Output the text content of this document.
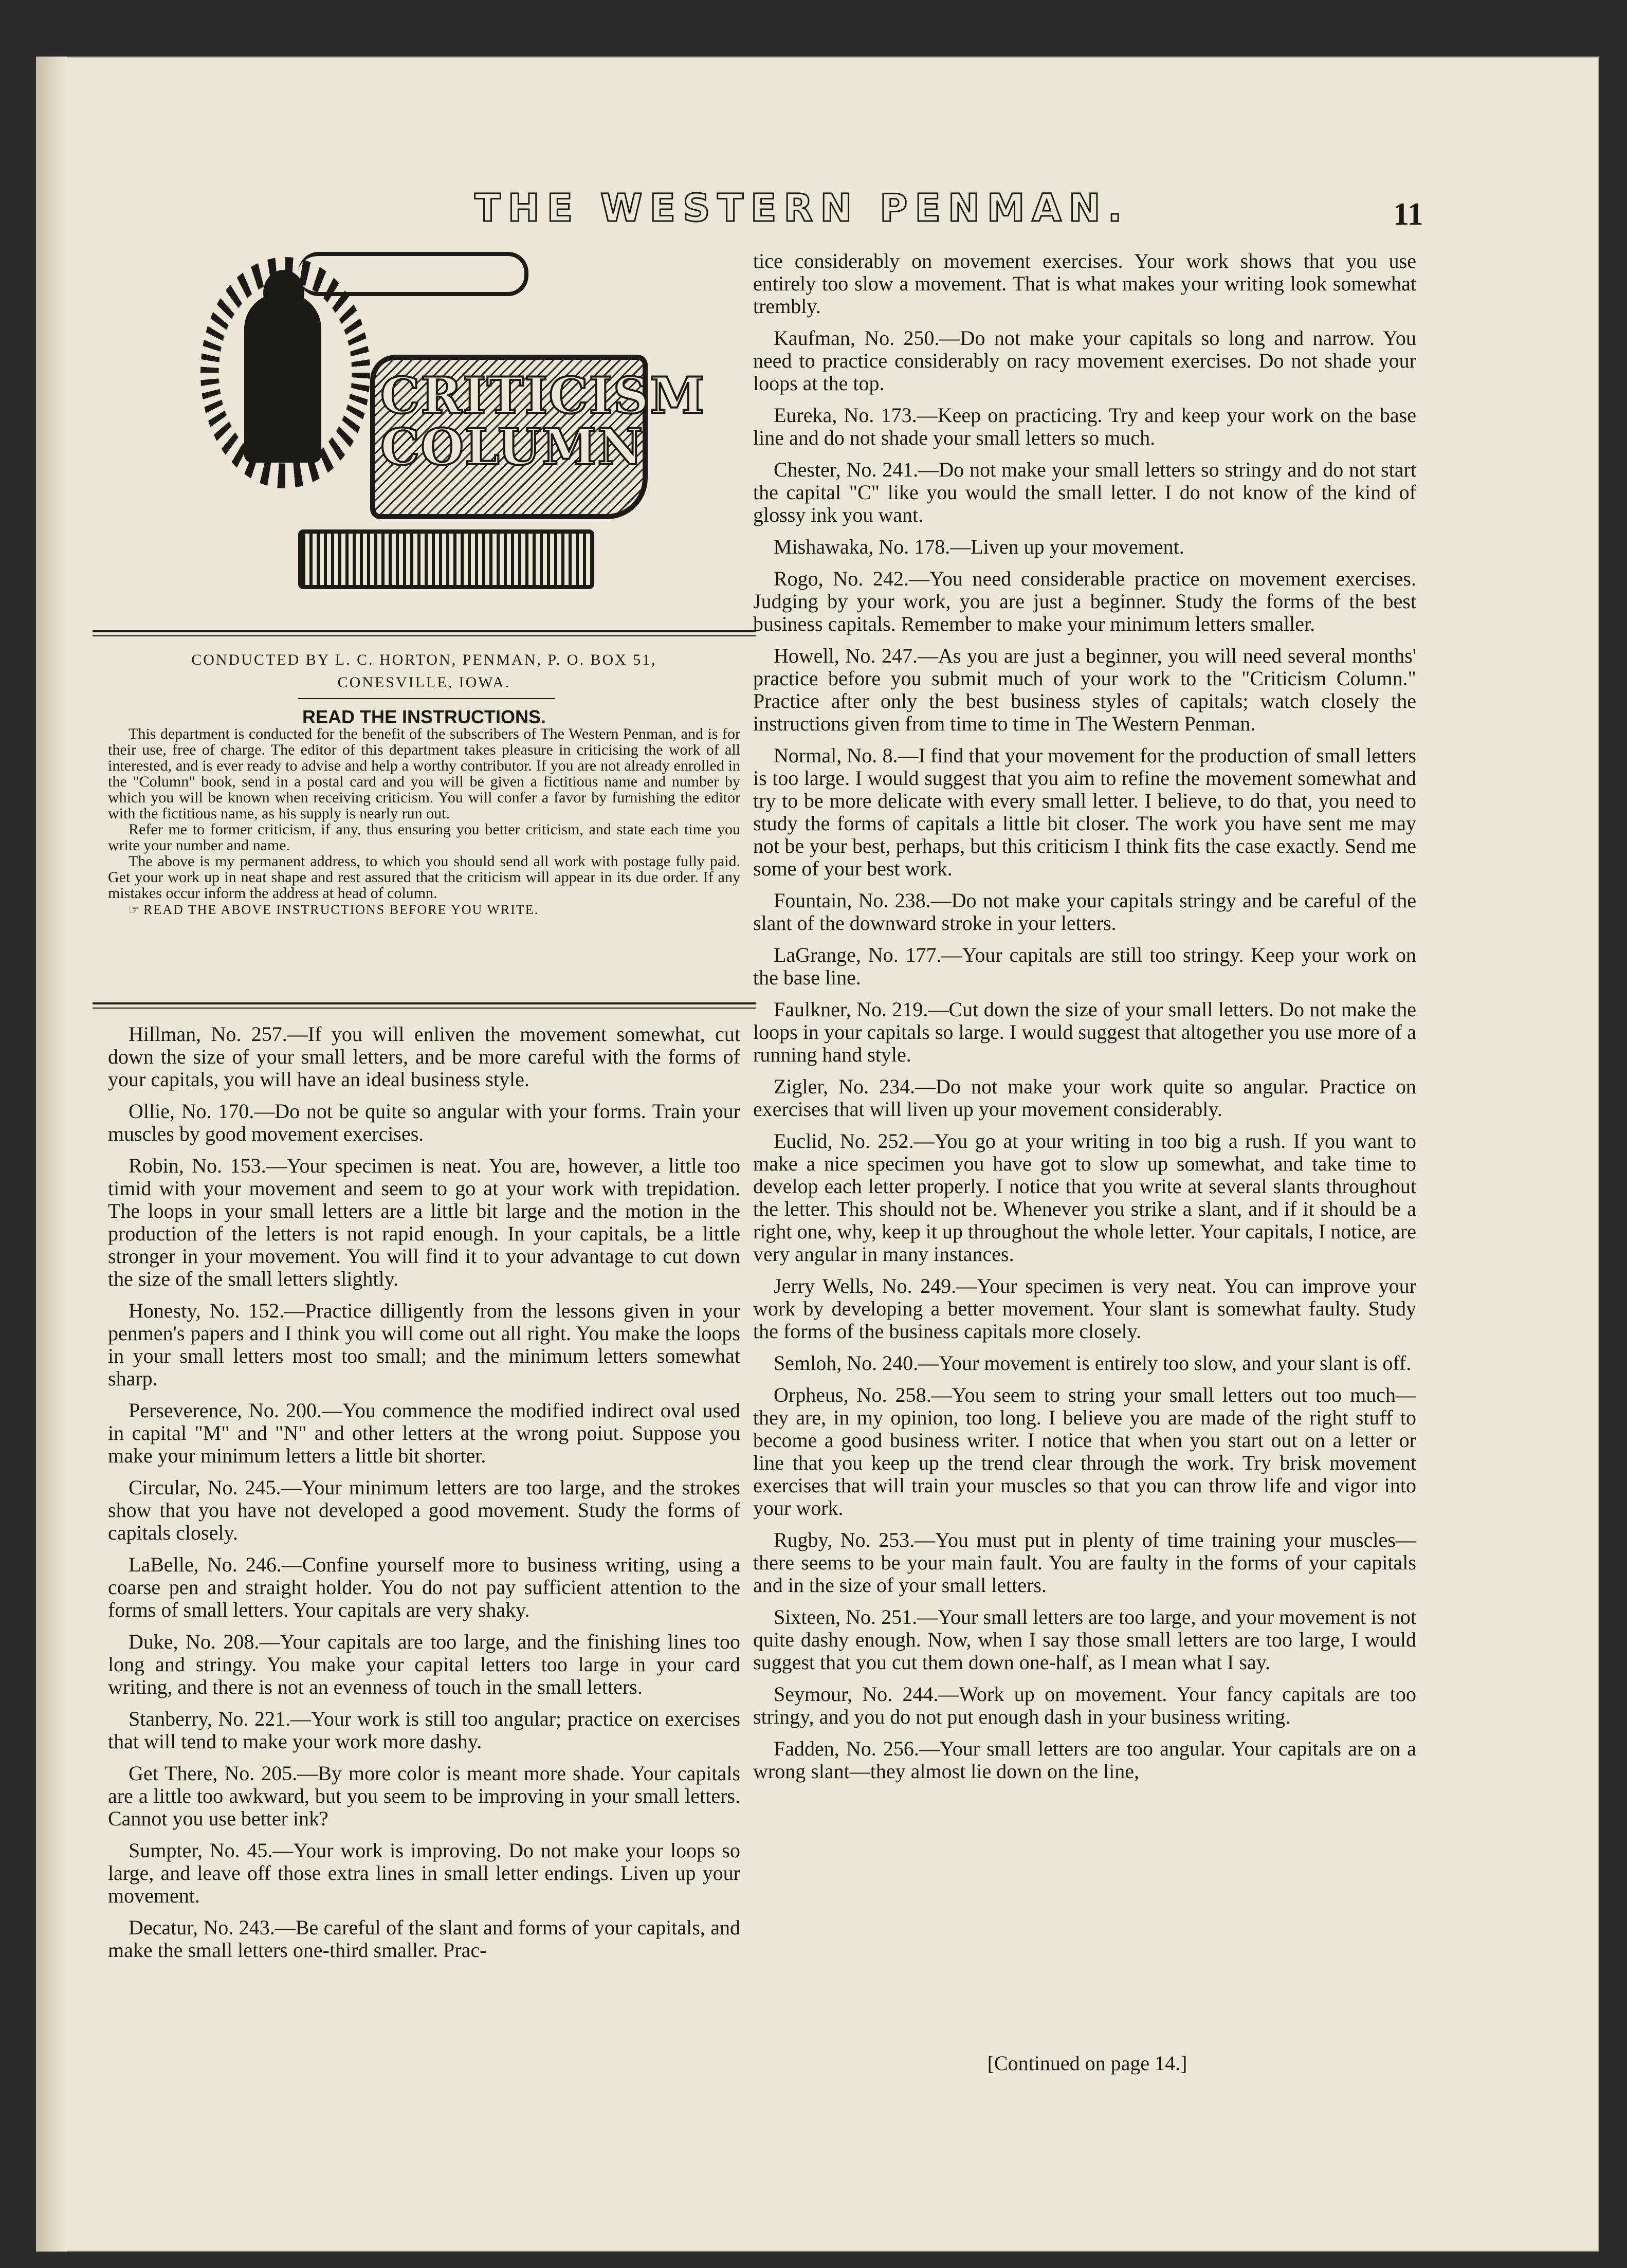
THE WESTERN PENMAN.	11
CRITICISM
COLUMN
CONDUCTED BY L. C. HORTON, PENMAN, P. O. BOX 51,
CONESVILLE, IOWA.
READ THE INSTRUCTIONS.

This department is conducted for the benefit of the subscribers of The Western Penman, and is for their use, free of charge. The editor of this department takes pleasure in criticising the work of all interested, and is ever ready to advise and help a worthy contributor. If you are not already enrolled in the "Column" book, send in a postal card and you will be given a fictitious name and number by which you will be known when receiving criticism. You will confer a favor by furnishing the editor with the fictitious name, as his supply is nearly run out.

Refer me to former criticism, if any, thus ensuring you better criticism, and state each time you write your number and name.

The above is my permanent address, to which you should send all work with postage fully paid. Get your work up in neat shape and rest assured that the criticism will appear in its due order. If any mistakes occur inform the address at head of column.

☞ READ THE ABOVE INSTRUCTIONS BEFORE YOU WRITE.

Hillman, No. 257.—If you will enliven the movement somewhat, cut down the size of your small letters, and be more careful with the forms of your capitals, you will have an ideal business style.

Ollie, No. 170.—Do not be quite so angular with your forms. Train your muscles by good movement exercises.

Robin, No. 153.—Your specimen is neat. You are, however, a little too timid with your movement and seem to go at your work with trepidation. The loops in your small letters are a little bit large and the motion in the production of the letters is not rapid enough. In your capitals, be a little stronger in your movement. You will find it to your advantage to cut down the size of the small letters slightly.

Honesty, No. 152.—Practice dilligently from the lessons given in your penmen's papers and I think you will come out all right. You make the loops in your small letters most too small; and the minimum letters somewhat sharp.

Perseverence, No. 200.—You commence the modified indirect oval used in capital "M" and "N" and other letters at the wrong poiut. Suppose you make your minimum letters a little bit shorter.

Circular, No. 245.—Your minimum letters are too large, and the strokes show that you have not developed a good movement. Study the forms of capitals closely.

LaBelle, No. 246.—Confine yourself more to business writing, using a coarse pen and straight holder. You do not pay sufficient attention to the forms of small letters. Your capitals are very shaky.

Duke, No. 208.—Your capitals are too large, and the finishing lines too long and stringy. You make your capital letters too large in your card writing, and there is not an evenness of touch in the small letters.

Stanberry, No. 221.—Your work is still too angular; practice on exercises that will tend to make your work more dashy.

Get There, No. 205.—By more color is meant more shade. Your capitals are a little too awkward, but you seem to be improving in your small letters. Cannot you use better ink?

Sumpter, No. 45.—Your work is improving. Do not make your loops so large, and leave off those extra lines in small letter endings. Liven up your movement.

Decatur, No. 243.—Be careful of the slant and forms of your capitals, and make the small letters one-third smaller. Prac-

tice considerably on movement exercises. Your work shows that you use entirely too slow a movement. That is what makes your writing look somewhat trembly.

Kaufman, No. 250.—Do not make your capitals so long and narrow. You need to practice considerably on racy movement exercises. Do not shade your loops at the top.

Eureka, No. 173.—Keep on practicing. Try and keep your work on the base line and do not shade your small letters so much.

Chester, No. 241.—Do not make your small letters so stringy and do not start the capital "C" like you would the small letter. I do not know of the kind of glossy ink you want.

Mishawaka, No. 178.—Liven up your movement.

Rogo, No. 242.—You need considerable practice on movement exercises. Judging by your work, you are just a beginner. Study the forms of the best business capitals. Remember to make your minimum letters smaller.

Howell, No. 247.—As you are just a beginner, you will need several months' practice before you submit much of your work to the "Criticism Column." Practice after only the best business styles of capitals; watch closely the instructions given from time to time in The Western Penman.

Normal, No. 8.—I find that your movement for the production of small letters is too large. I would suggest that you aim to refine the movement somewhat and try to be more delicate with every small letter. I believe, to do that, you need to study the forms of capitals a little bit closer. The work you have sent me may not be your best, perhaps, but this criticism I think fits the case exactly. Send me some of your best work.

Fountain, No. 238.—Do not make your capitals stringy and be careful of the slant of the downward stroke in your letters.

LaGrange, No. 177.—Your capitals are still too stringy. Keep your work on the base line.

Faulkner, No. 219.—Cut down the size of your small letters. Do not make the loops in your capitals so large. I would suggest that altogether you use more of a running hand style.

Zigler, No. 234.—Do not make your work quite so angular. Practice on exercises that will liven up your movement considerably.

Euclid, No. 252.—You go at your writing in too big a rush. If you want to make a nice specimen you have got to slow up somewhat, and take time to develop each letter properly. I notice that you write at several slants throughout the letter. This should not be. Whenever you strike a slant, and if it should be a right one, why, keep it up throughout the whole letter. Your capitals, I notice, are very angular in many instances.

Jerry Wells, No. 249.—Your specimen is very neat. You can improve your work by developing a better movement. Your slant is somewhat faulty. Study the forms of the business capitals more closely.

Semloh, No. 240.—Your movement is entirely too slow, and your slant is off.

Orpheus, No. 258.—You seem to string your small letters out too much—they are, in my opinion, too long. I believe you are made of the right stuff to become a good business writer. I notice that when you start out on a letter or line that you keep up the trend clear through the work. Try brisk movement exercises that will train your muscles so that you can throw life and vigor into your work.

Rugby, No. 253.—You must put in plenty of time training your muscles—there seems to be your main fault. You are faulty in the forms of your capitals and in the size of your small letters.

Sixteen, No. 251.—Your small letters are too large, and your movement is not quite dashy enough. Now, when I say those small letters are too large, I would suggest that you cut them down one-half, as I mean what I say.

Seymour, No. 244.—Work up on movement. Your fancy capitals are too stringy, and you do not put enough dash in your business writing.

Fadden, No. 256.—Your small letters are too angular. Your capitals are on a wrong slant—they almost lie down on the line,

[Continued on page 14.]
